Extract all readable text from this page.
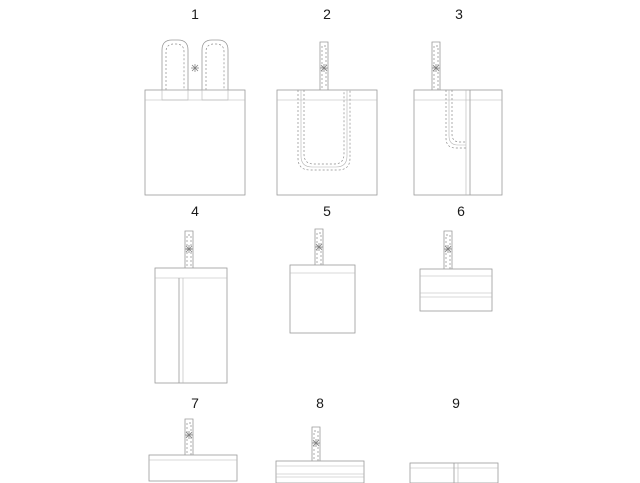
1	2	3
4	5	6
7	8	9
